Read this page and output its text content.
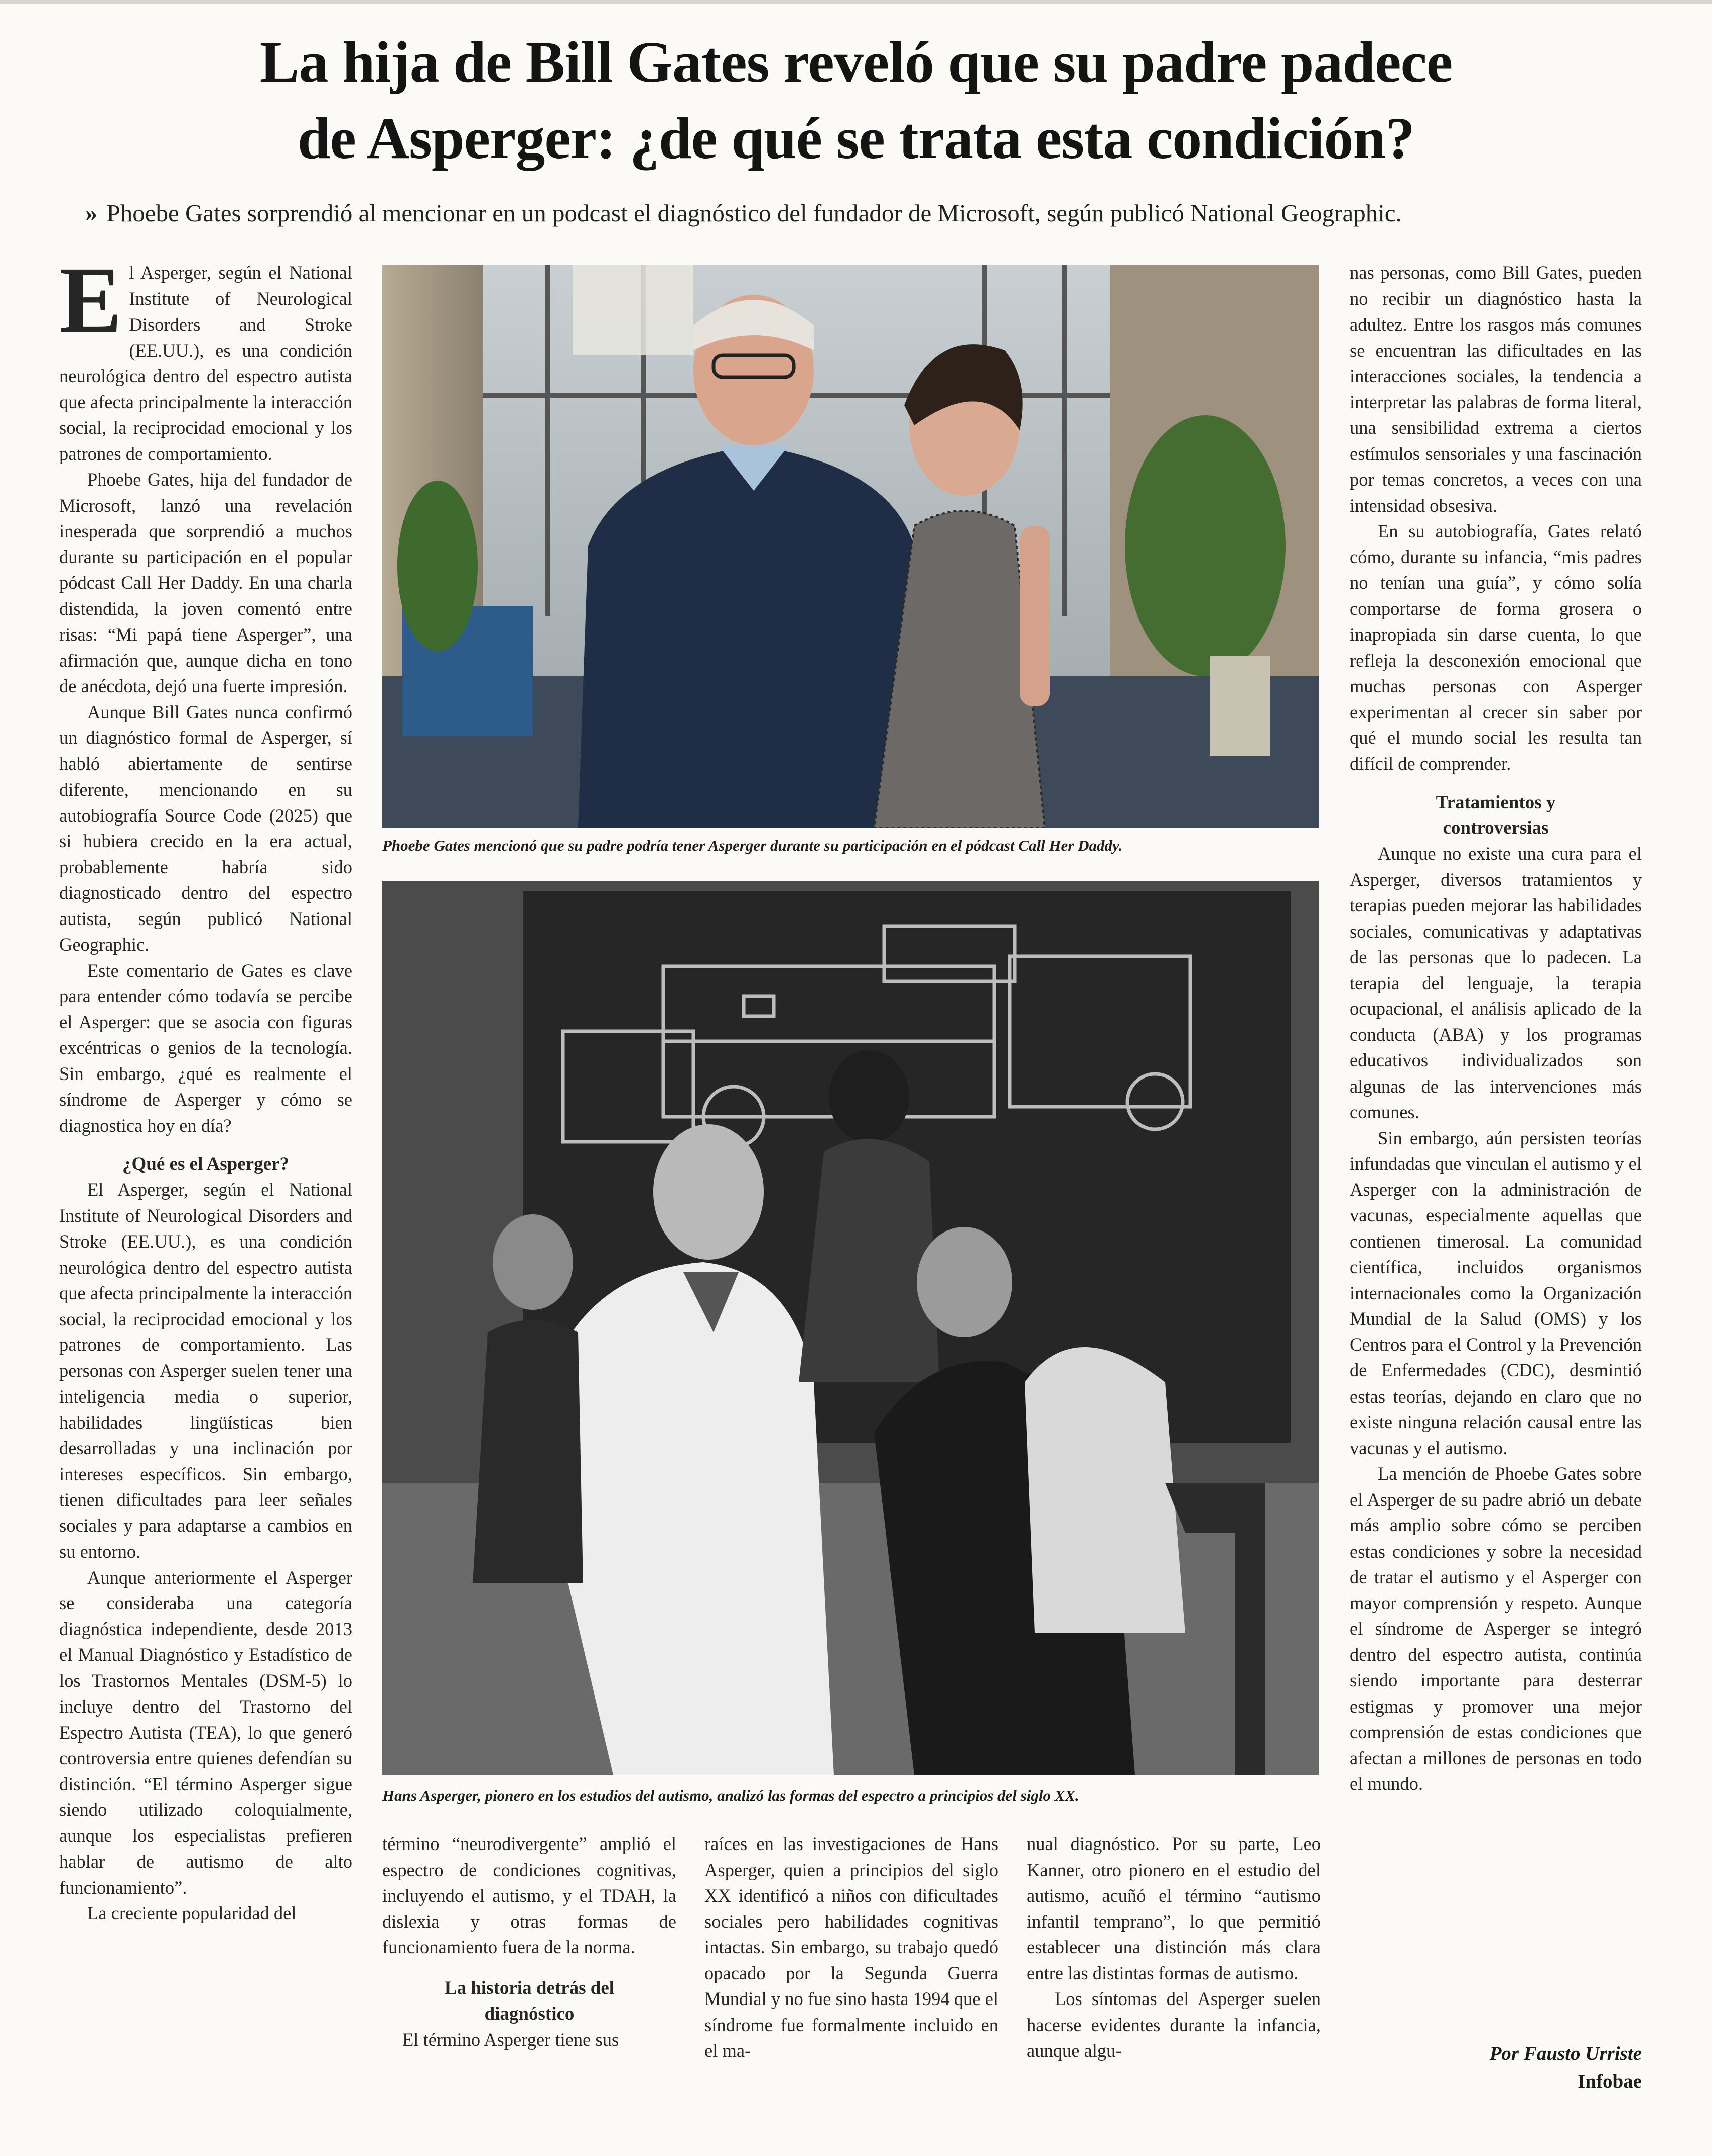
La hija de Bill Gates reveló que su padre padece
de Asperger: ¿de qué se trata esta condición?
» Phoebe Gates sorprendió al mencionar en un podcast el diagnóstico del fundador de Microsoft, según publicó National Geographic.

El Asperger, según el National Institute of Neurological Disorders and Stroke (EE.UU.), es una condición neurológica dentro del espectro autista que afecta principalmente la interacción social, la reciprocidad emocional y los patrones de comportamiento.

Phoebe Gates, hija del fundador de Microsoft, lanzó una revelación inesperada que sorprendió a muchos durante su participación en el popular pódcast Call Her Daddy. En una charla distendida, la joven comentó entre risas: “Mi papá tiene Asperger”, una afirmación que, aunque dicha en tono de anécdota, dejó una fuerte impresión.

Aunque Bill Gates nunca confirmó un diagnóstico formal de Asperger, sí habló abiertamente de sentirse diferente, mencionando en su autobiografía Source Code (2025) que si hubiera crecido en la era actual, probablemente habría sido diagnosticado dentro del espectro autista, según publicó National Geographic.

Este comentario de Gates es clave para entender cómo todavía se percibe el Asperger: que se asocia con figuras excéntricas o genios de la tecnología. Sin embargo, ¿qué es realmente el síndrome de Asperger y cómo se diagnostica hoy en día?

¿Qué es el Asperger?

El Asperger, según el National Institute of Neurological Disorders and Stroke (EE.UU.), es una condición neurológica dentro del espectro autista que afecta principalmente la interacción social, la reciprocidad emocional y los patrones de comportamiento. Las personas con Asperger suelen tener una inteligencia media o superior, habilidades lingüísticas bien desarrolladas y una inclinación por intereses específicos. Sin embargo, tienen dificultades para leer señales sociales y para adaptarse a cambios en su entorno.

Aunque anteriormente el Asperger se consideraba una categoría diagnóstica independiente, desde 2013 el Manual Diagnóstico y Estadístico de los Trastornos Mentales (DSM-5) lo incluye dentro del Trastorno del Espectro Autista (TEA), lo que generó controversia entre quienes defendían su distinción. “El término Asperger sigue siendo utilizado coloquialmente, aunque los especialistas prefieren hablar de autismo de alto funcionamiento”.

La creciente popularidad del

Phoebe Gates mencionó que su padre podría tener Asperger durante su participación en el pódcast Call Her Daddy.
Hans Asperger, pionero en los estudios del autismo, analizó las formas del espectro a principios del siglo XX.

término “neurodivergente” amplió el espectro de condiciones cognitivas, incluyendo el autismo, y el TDAH, la dislexia y otras formas de funcionamiento fuera de la norma.

La historia detrás del diagnóstico

El término Asperger tiene sus

raíces en las investigaciones de Hans Asperger, quien a principios del siglo XX identificó a niños con dificultades sociales pero habilidades cognitivas intactas. Sin embargo, su trabajo quedó opacado por la Segunda Guerra Mundial y no fue sino hasta 1994 que el síndrome fue formalmente incluido en el ma-

nual diagnóstico. Por su parte, Leo Kanner, otro pionero en el estudio del autismo, acuñó el término “autismo infantil temprano”, lo que permitió establecer una distinción más clara entre las distintas formas de autismo.

Los síntomas del Asperger suelen hacerse evidentes durante la infancia, aunque algu-

nas personas, como Bill Gates, pueden no recibir un diagnóstico hasta la adultez. Entre los rasgos más comunes se encuentran las dificultades en las interacciones sociales, la tendencia a interpretar las palabras de forma literal, una sensibilidad extrema a ciertos estímulos sensoriales y una fascinación por temas concretos, a veces con una intensidad obsesiva.

En su autobiografía, Gates relató cómo, durante su infancia, “mis padres no tenían una guía”, y cómo solía comportarse de forma grosera o inapropiada sin darse cuenta, lo que refleja la desconexión emocional que muchas personas con Asperger experimentan al crecer sin saber por qué el mundo social les resulta tan difícil de comprender.

Tratamientos y controversias

Aunque no existe una cura para el Asperger, diversos tratamientos y terapias pueden mejorar las habilidades sociales, comunicativas y adaptativas de las personas que lo padecen. La terapia del lenguaje, la terapia ocupacional, el análisis aplicado de la conducta (ABA) y los programas educativos individualizados son algunas de las intervenciones más comunes.

Sin embargo, aún persisten teorías infundadas que vinculan el autismo y el Asperger con la administración de vacunas, especialmente aquellas que contienen timerosal. La comunidad científica, incluidos organismos internacionales como la Organización Mundial de la Salud (OMS) y los Centros para el Control y la Prevención de Enfermedades (CDC), desmintió estas teorías, dejando en claro que no existe ninguna relación causal entre las vacunas y el autismo.

La mención de Phoebe Gates sobre el Asperger de su padre abrió un debate más amplio sobre cómo se perciben estas condiciones y sobre la necesidad de tratar el autismo y el Asperger con mayor comprensión y respeto. Aunque el síndrome de Asperger se integró dentro del espectro autista, continúa siendo importante para desterrar estigmas y promover una mejor comprensión de estas condiciones que afectan a millones de personas en todo el mundo.

Por Fausto Urriste
Infobae
